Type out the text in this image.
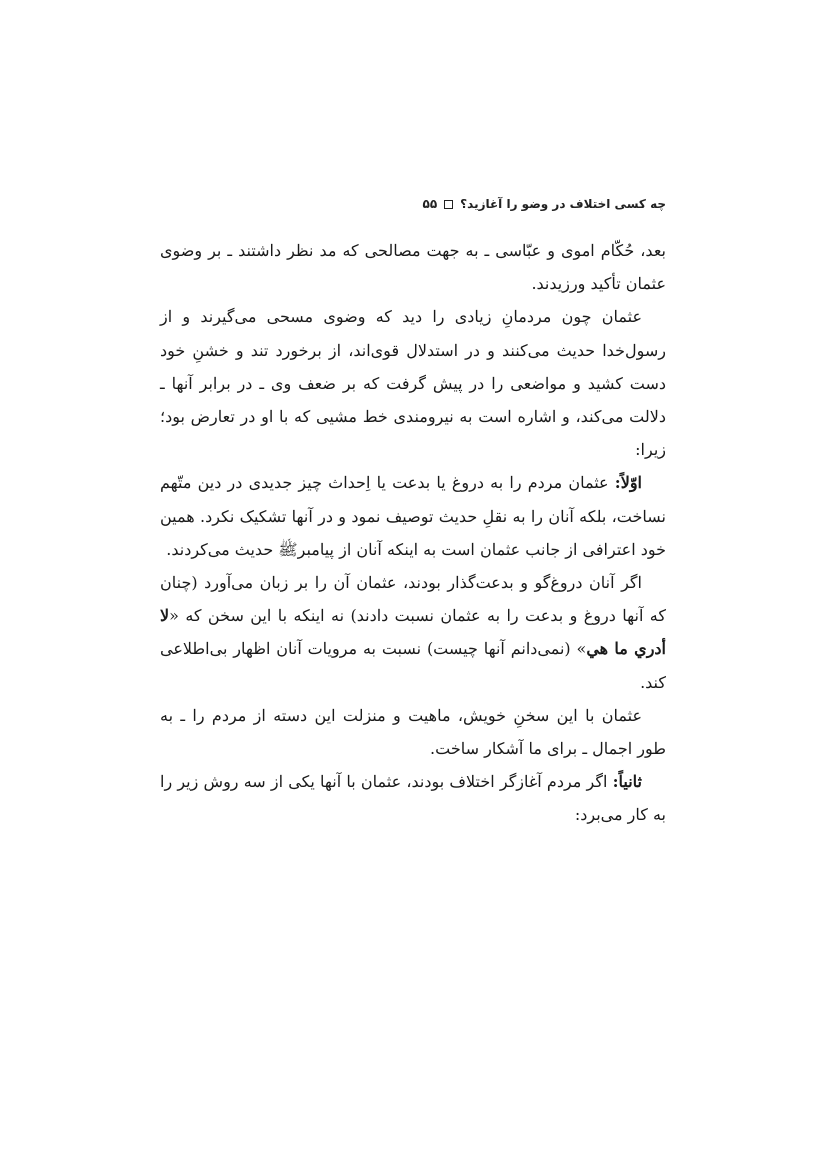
چه کسی اختلاف در وضو را آغازید؟
۵۵

بعد، حُکّام اموی و عبّاسی ـ به جهت مصالحی که مد نظر داشتند ـ بر وضوی عثمان تأکید ورزیدند.

عثمان چون مردمانِ زیادی را دید که وضوی مسحی می‌گیرند و از رسول‌خدا حدیث می‌کنند و در استدلال قوی‌اند، از برخورد تند و خشنِ خود دست کشید و مواضعی را در پیش گرفت که بر ضعف وی ـ در برابر آنها ـ دلالت می‌کند، و اشاره است به نیرومندی خط مشیی که با او در تعارض بود؛ زیرا:

اوّلاً: عثمان مردم را به دروغ یا بدعت یا اِحداث چیز جدیدی در دین متّهم نساخت، بلکه آنان را به نقلِ حدیث توصیف نمود و در آنها تشکیک نکرد. همین خود اعترافی از جانب عثمان است به اینکه آنان از پیامبرﷺ حدیث می‌کردند.

اگر آنان دروغ‌گو و بدعت‌گذار بودند، عثمان آن را بر زبان می‌آورد (چنان که آنها دروغ و بدعت را به عثمان نسبت دادند) نه اینکه با این سخن که «لا أدري ما هي» (نمی‌دانم آنها چیست) نسبت به مرویات آنان اظهار بی‌اطلاعی کند.

عثمان با این سخنِ خویش، ماهیت و منزلت این دسته از مردم را ـ به طور اجمال ـ برای ما آشکار ساخت.

ثانیاً: اگر مردم آغازگر اختلاف بودند، عثمان با آنها یکی از سه روش زیر را به کار می‌برد:
